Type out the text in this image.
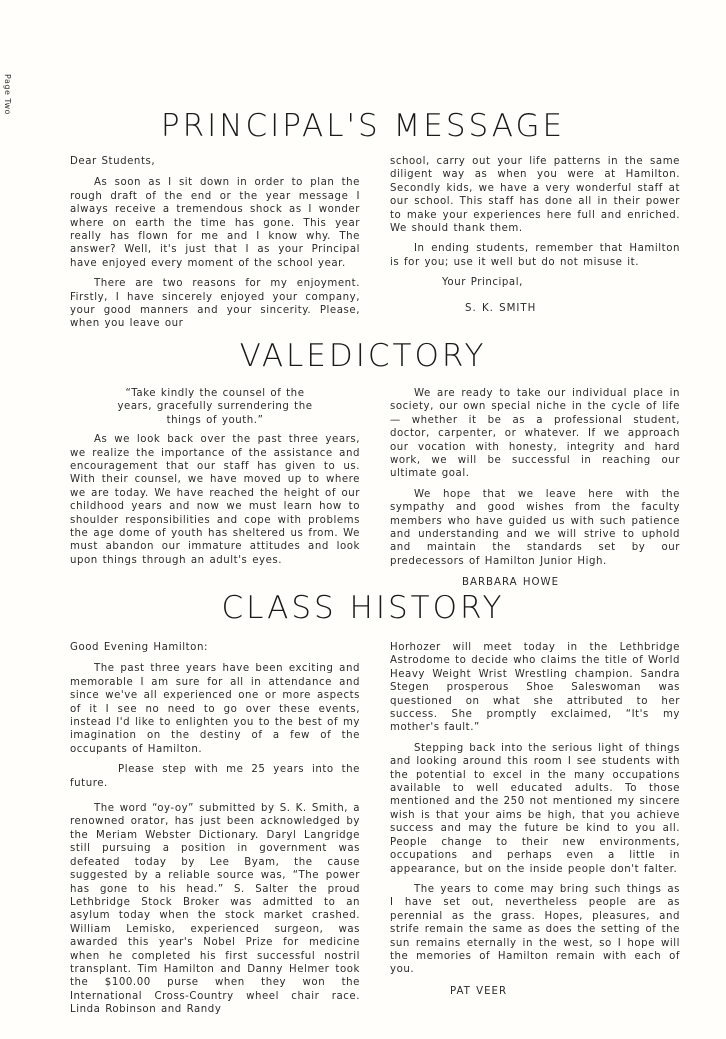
Page Two
PRINCIPAL'S MESSAGE

Dear Students,

As soon as I sit down in order to plan the rough draft of the end or the year message I always receive a tremendous shock as I wonder where on earth the time has gone. This year really has flown for me and I know why. The answer? Well, it's just that I as your Principal have enjoyed every moment of the school year.

There are two reasons for my enjoyment. Firstly, I have sincerely enjoyed your company, your good manners and your sincerity. Please, when you leave our

school, carry out your life patterns in the same diligent way as when you were at Hamilton. Secondly kids, we have a very wonderful staff at our school. This staff has done all in their power to make your experiences here full and enriched. We should thank them.

In ending students, remember that Hamilton is for you; use it well but do not misuse it.

Your Principal,

S. K. SMITH

VALEDICTORY

“Take kindly the counsel of the years, gracefully surrendering the things of youth.”

As we look back over the past three years, we realize the importance of the assistance and encouragement that our staff has given to us. With their counsel, we have moved up to where we are today. We have reached the height of our childhood years and now we must learn how to shoulder responsibilities and cope with problems the age dome of youth has sheltered us from. We must abandon our immature attitudes and look upon things through an adult's eyes.

We are ready to take our individual place in society, our own special niche in the cycle of life — whether it be as a professional student, doctor, carpenter, or whatever. If we approach our vocation with honesty, integrity and hard work, we will be successful in reaching our ultimate goal.

We hope that we leave here with the sympathy and good wishes from the faculty members who have guided us with such patience and understanding and we will strive to uphold and maintain the standards set by our predecessors of Hamilton Junior High.

BARBARA HOWE

CLASS HISTORY

Good Evening Hamilton:

The past three years have been exciting and memorable I am sure for all in attendance and since we've all experienced one or more aspects of it I see no need to go over these events, instead I'd like to enlighten you to the best of my imagination on the destiny of a few of the occupants of Hamilton.

Please step with me 25 years into the future.

The word “oy-oy” submitted by S. K. Smith, a renowned orator, has just been acknowledged by the Meriam Webster Dictionary. Daryl Langridge still pursuing a position in government was defeated today by Lee Byam, the cause suggested by a reliable source was, “The power has gone to his head.” S. Salter the proud Lethbridge Stock Broker was admitted to an asylum today when the stock market crashed. William Lemisko, experienced surgeon, was awarded this year's Nobel Prize for medicine when he completed his first successful nostril transplant. Tim Hamilton and Danny Helmer took the $100.00 purse when they won the International Cross-Country wheel chair race. Linda Robinson and Randy

Horhozer will meet today in the Lethbridge Astrodome to decide who claims the title of World Heavy Weight Wrist Wrestling champion. Sandra Stegen prosperous Shoe Saleswoman was questioned on what she attributed to her success. She promptly exclaimed, “It's my mother's fault.”

Stepping back into the serious light of things and looking around this room I see students with the potential to excel in the many occupations available to well educated adults. To those mentioned and the 250 not mentioned my sincere wish is that your aims be high, that you achieve success and may the future be kind to you all. People change to their new environments, occupations and perhaps even a little in appearance, but on the inside people don't falter.

The years to come may bring such things as I have set out, nevertheless people are as perennial as the grass. Hopes, pleasures, and strife remain the same as does the setting of the sun remains eternally in the west, so I hope will the memories of Hamilton remain with each of you.

PAT VEER
